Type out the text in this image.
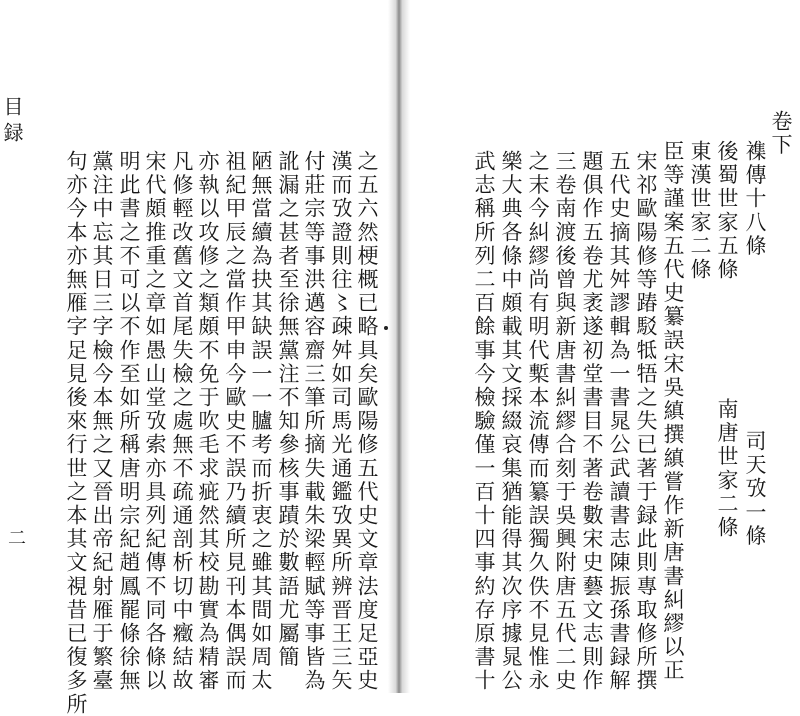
目録
二	之五六然梗概已略具矣歐陽修五代史文章法度足亞史
漢而攷證則往〻疎舛如司馬光通鑑攷異所辨晋王三矢
付莊宗等事洪邁容齋三筆所摘失載朱梁輕賦等事皆為
訛漏之甚者至徐無黨注不知參核事蹟於數語尤屬簡
陋無當續為抉其缺誤一一臚考而折衷之雖其間如周太
祖紀甲辰之當作甲申今歐史不誤乃續所見刊本偶誤而
亦執以攻修之類頗不免于吹毛求疵然其校勘實為精審
凡修輕改舊文首尾失檢之處無不疏通剖析切中癥結故
宋代頗推重之章如愚山堂攷索亦具列紀傳不同各條以
明此書之不可以不作至如所稱唐明宗紀趙鳳罷條徐無
黨注中忘其日三字檢今本無之又晉出帝紀射雁于繁臺
句亦今本亦無雁字足見後來行世之本其文視昔已復多所
卷下
襍傳十八條
後蜀世家五條
東漢世家二條
臣等謹案五代史纂誤宋吳縝撰縝嘗作新唐書糾繆以正
宋祁歐陽修等踳駁牴牾之失已著于録此則專取修所撰
五代史摘其舛謬輯為一書晁公武讀書志陳振孫書録解
題俱作五卷尤袤遂初堂書目不著卷數宋史藝文志則作
三卷南渡後曾與新唐書糾繆合刻于吳興附唐五代二史
之末今糾繆尚有明代槧本流傳而纂誤獨久佚不見惟永
樂大典各條中頗載其文採綴哀集猶能得其次序據晁公
武志稱所列二百餘事今檢驗僅一百十四事約存原書十	南唐世家二條 司天攷一條
